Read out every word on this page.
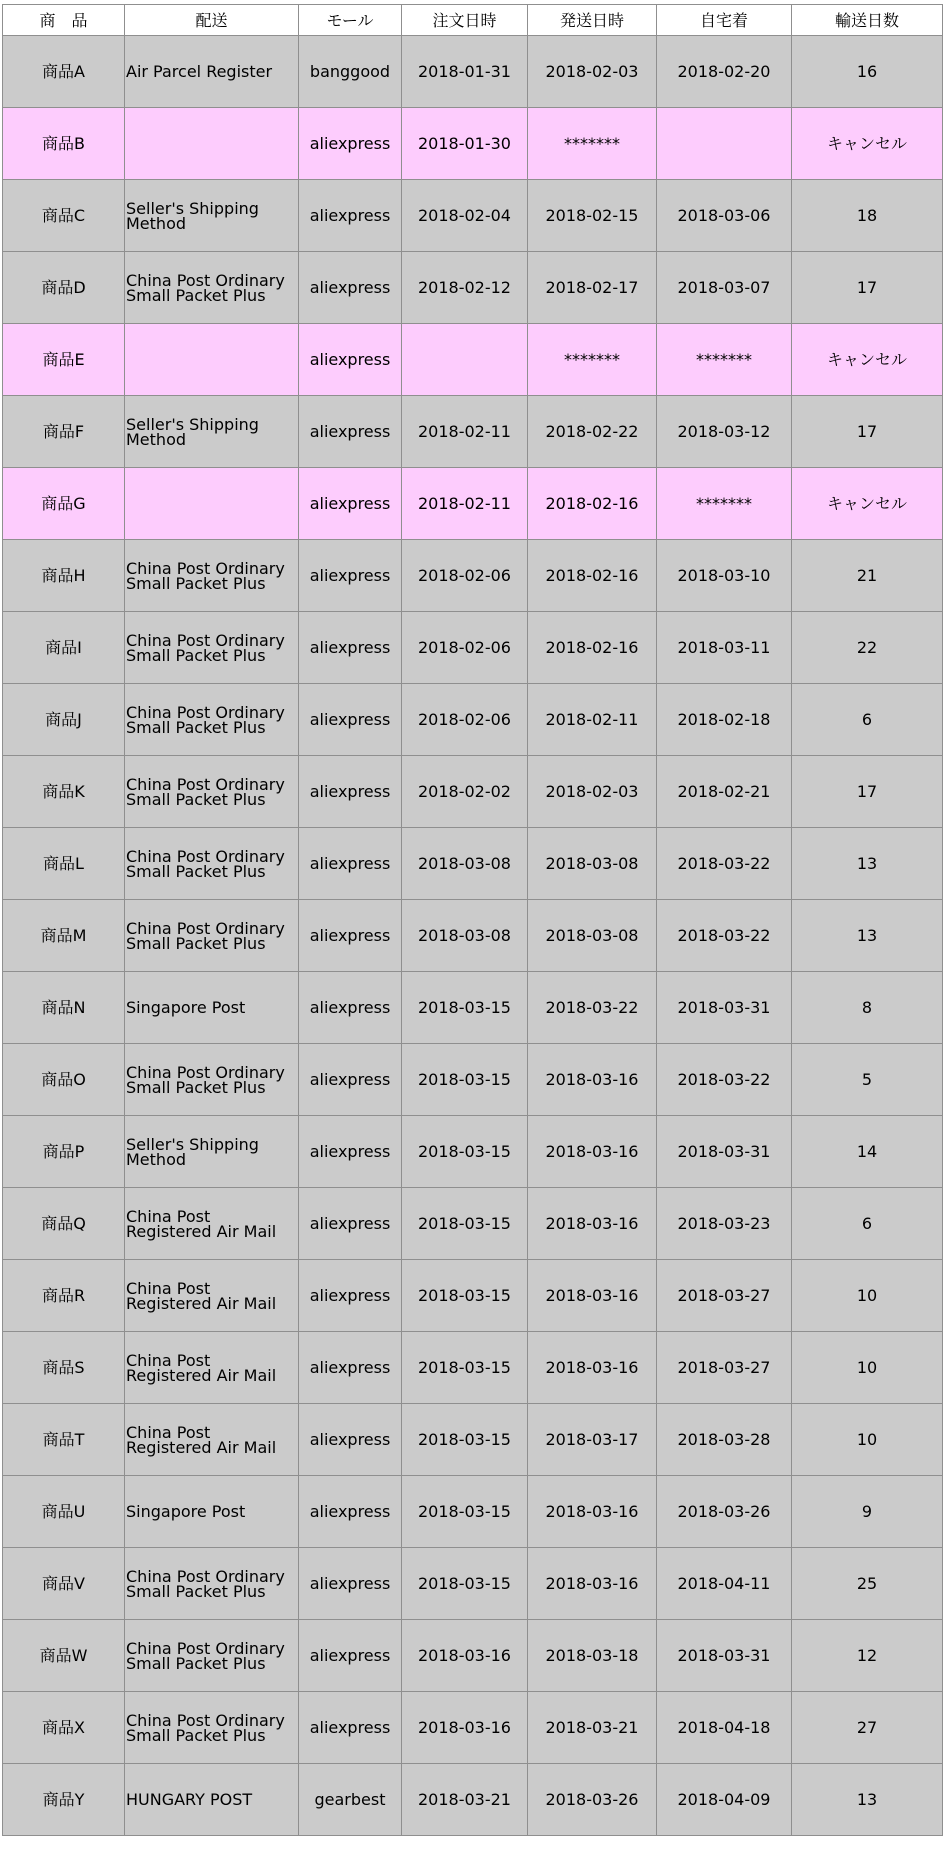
商　品	配送	モール	注文日時	発送日時	自宅着	輸送日数
商品A	Air Parcel Register	banggood	2018-01-31	2018-02-03	2018-02-20	16
商品B		aliexpress	2018-01-30	*******		キャンセル
商品C	Seller's Shipping Method	aliexpress	2018-02-04	2018-02-15	2018-03-06	18
商品D	China Post Ordinary Small Packet Plus	aliexpress	2018-02-12	2018-02-17	2018-03-07	17
商品E		aliexpress		*******	*******	キャンセル
商品F	Seller's Shipping Method	aliexpress	2018-02-11	2018-02-22	2018-03-12	17
商品G		aliexpress	2018-02-11	2018-02-16	*******	キャンセル
商品H	China Post Ordinary Small Packet Plus	aliexpress	2018-02-06	2018-02-16	2018-03-10	21
商品I	China Post Ordinary Small Packet Plus	aliexpress	2018-02-06	2018-02-16	2018-03-11	22
商品J	China Post Ordinary Small Packet Plus	aliexpress	2018-02-06	2018-02-11	2018-02-18	6
商品K	China Post Ordinary Small Packet Plus	aliexpress	2018-02-02	2018-02-03	2018-02-21	17
商品L	China Post Ordinary Small Packet Plus	aliexpress	2018-03-08	2018-03-08	2018-03-22	13
商品M	China Post Ordinary Small Packet Plus	aliexpress	2018-03-08	2018-03-08	2018-03-22	13
商品N	Singapore Post	aliexpress	2018-03-15	2018-03-22	2018-03-31	8
商品O	China Post Ordinary Small Packet Plus	aliexpress	2018-03-15	2018-03-16	2018-03-22	5
商品P	Seller's Shipping Method	aliexpress	2018-03-15	2018-03-16	2018-03-31	14
商品Q	China Post Registered Air Mail	aliexpress	2018-03-15	2018-03-16	2018-03-23	6
商品R	China Post Registered Air Mail	aliexpress	2018-03-15	2018-03-16	2018-03-27	10
商品S	China Post Registered Air Mail	aliexpress	2018-03-15	2018-03-16	2018-03-27	10
商品T	China Post Registered Air Mail	aliexpress	2018-03-15	2018-03-17	2018-03-28	10
商品U	Singapore Post	aliexpress	2018-03-15	2018-03-16	2018-03-26	9
商品V	China Post Ordinary Small Packet Plus	aliexpress	2018-03-15	2018-03-16	2018-04-11	25
商品W	China Post Ordinary Small Packet Plus	aliexpress	2018-03-16	2018-03-18	2018-03-31	12
商品X	China Post Ordinary Small Packet Plus	aliexpress	2018-03-16	2018-03-21	2018-04-18	27
商品Y	HUNGARY POST	gearbest	2018-03-21	2018-03-26	2018-04-09	13
